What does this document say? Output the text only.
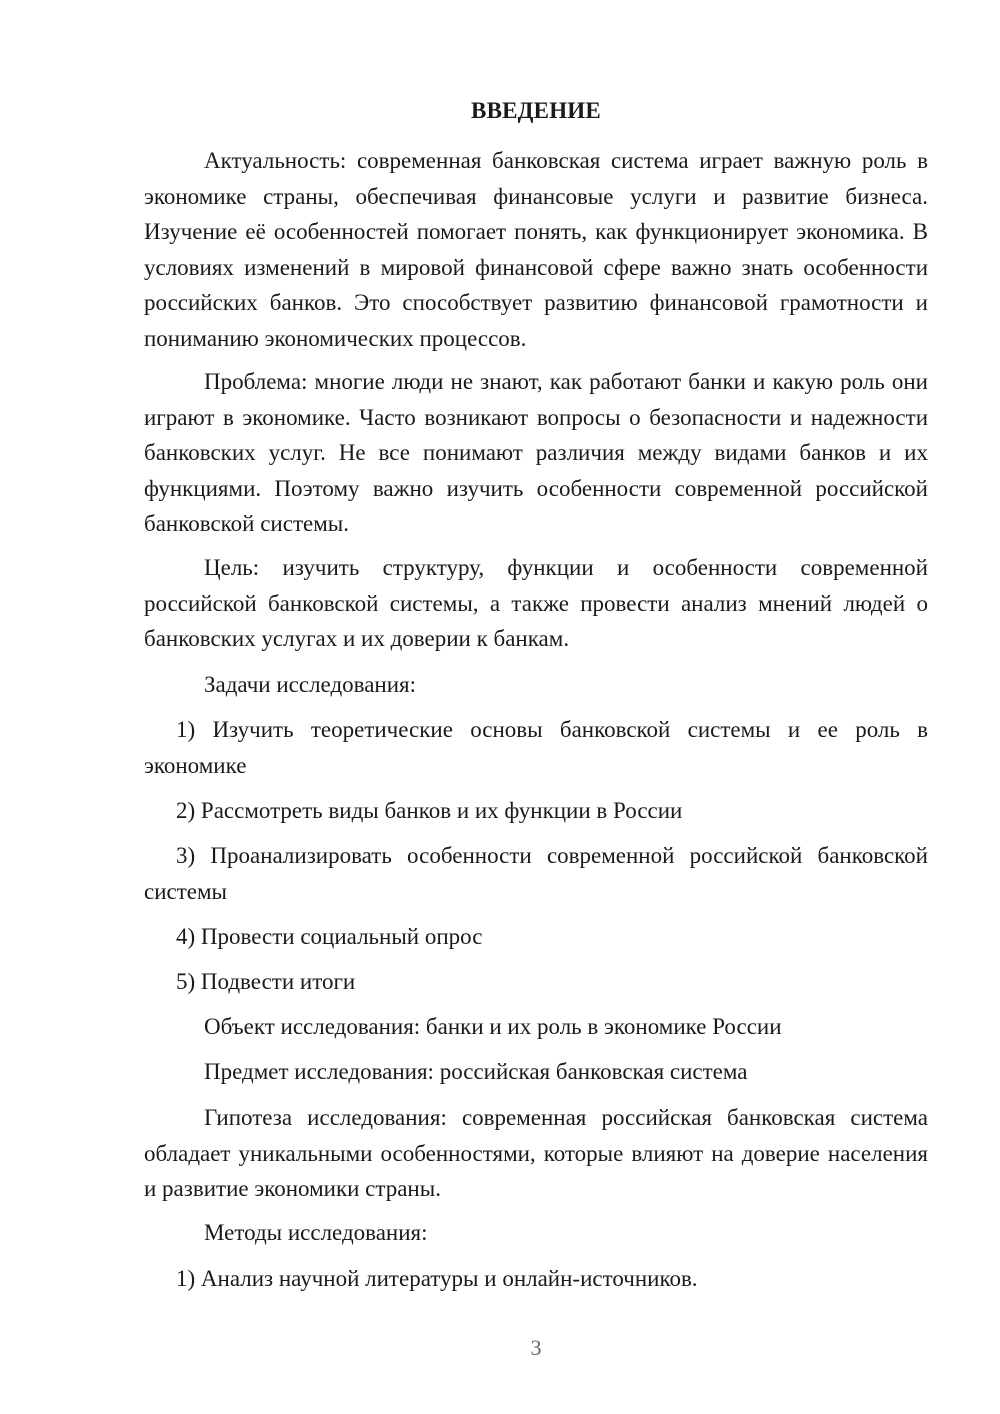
ВВЕДЕНИЕ

Актуальность: современная банковская система играет важную роль в экономике страны, обеспечивая финансовые услуги и развитие бизнеса. Изучение её особенностей помогает понять, как функционирует экономика. В условиях изменений в мировой финансовой сфере важно знать особенности российских банков. Это способствует развитию финансовой грамотности и пониманию экономических процессов.

Проблема: многие люди не знают, как работают банки и какую роль они играют в экономике. Часто возникают вопросы о безопасности и надежности банковских услуг. Не все понимают различия между видами банков и их функциями. Поэтому важно изучить особенности современной российской банковской системы.

Цель: изучить структуру, функции и особенности современной российской банковской системы, а также провести анализ мнений людей о банковских услугах и их доверии к банкам.

Задачи исследования:

1) Изучить теоретические основы банковской системы и ее роль в экономике

2) Рассмотреть виды банков и их функции в России

3) Проанализировать особенности современной российской банковской системы

4) Провести социальный опрос

5) Подвести итоги

Объект исследования: банки и их роль в экономике России

Предмет исследования: российская банковская система

Гипотеза исследования: современная российская банковская система обладает уникальными особенностями, которые влияют на доверие населения и развитие экономики страны.

Методы исследования:

1) Анализ научной литературы и онлайн-источников.

3
